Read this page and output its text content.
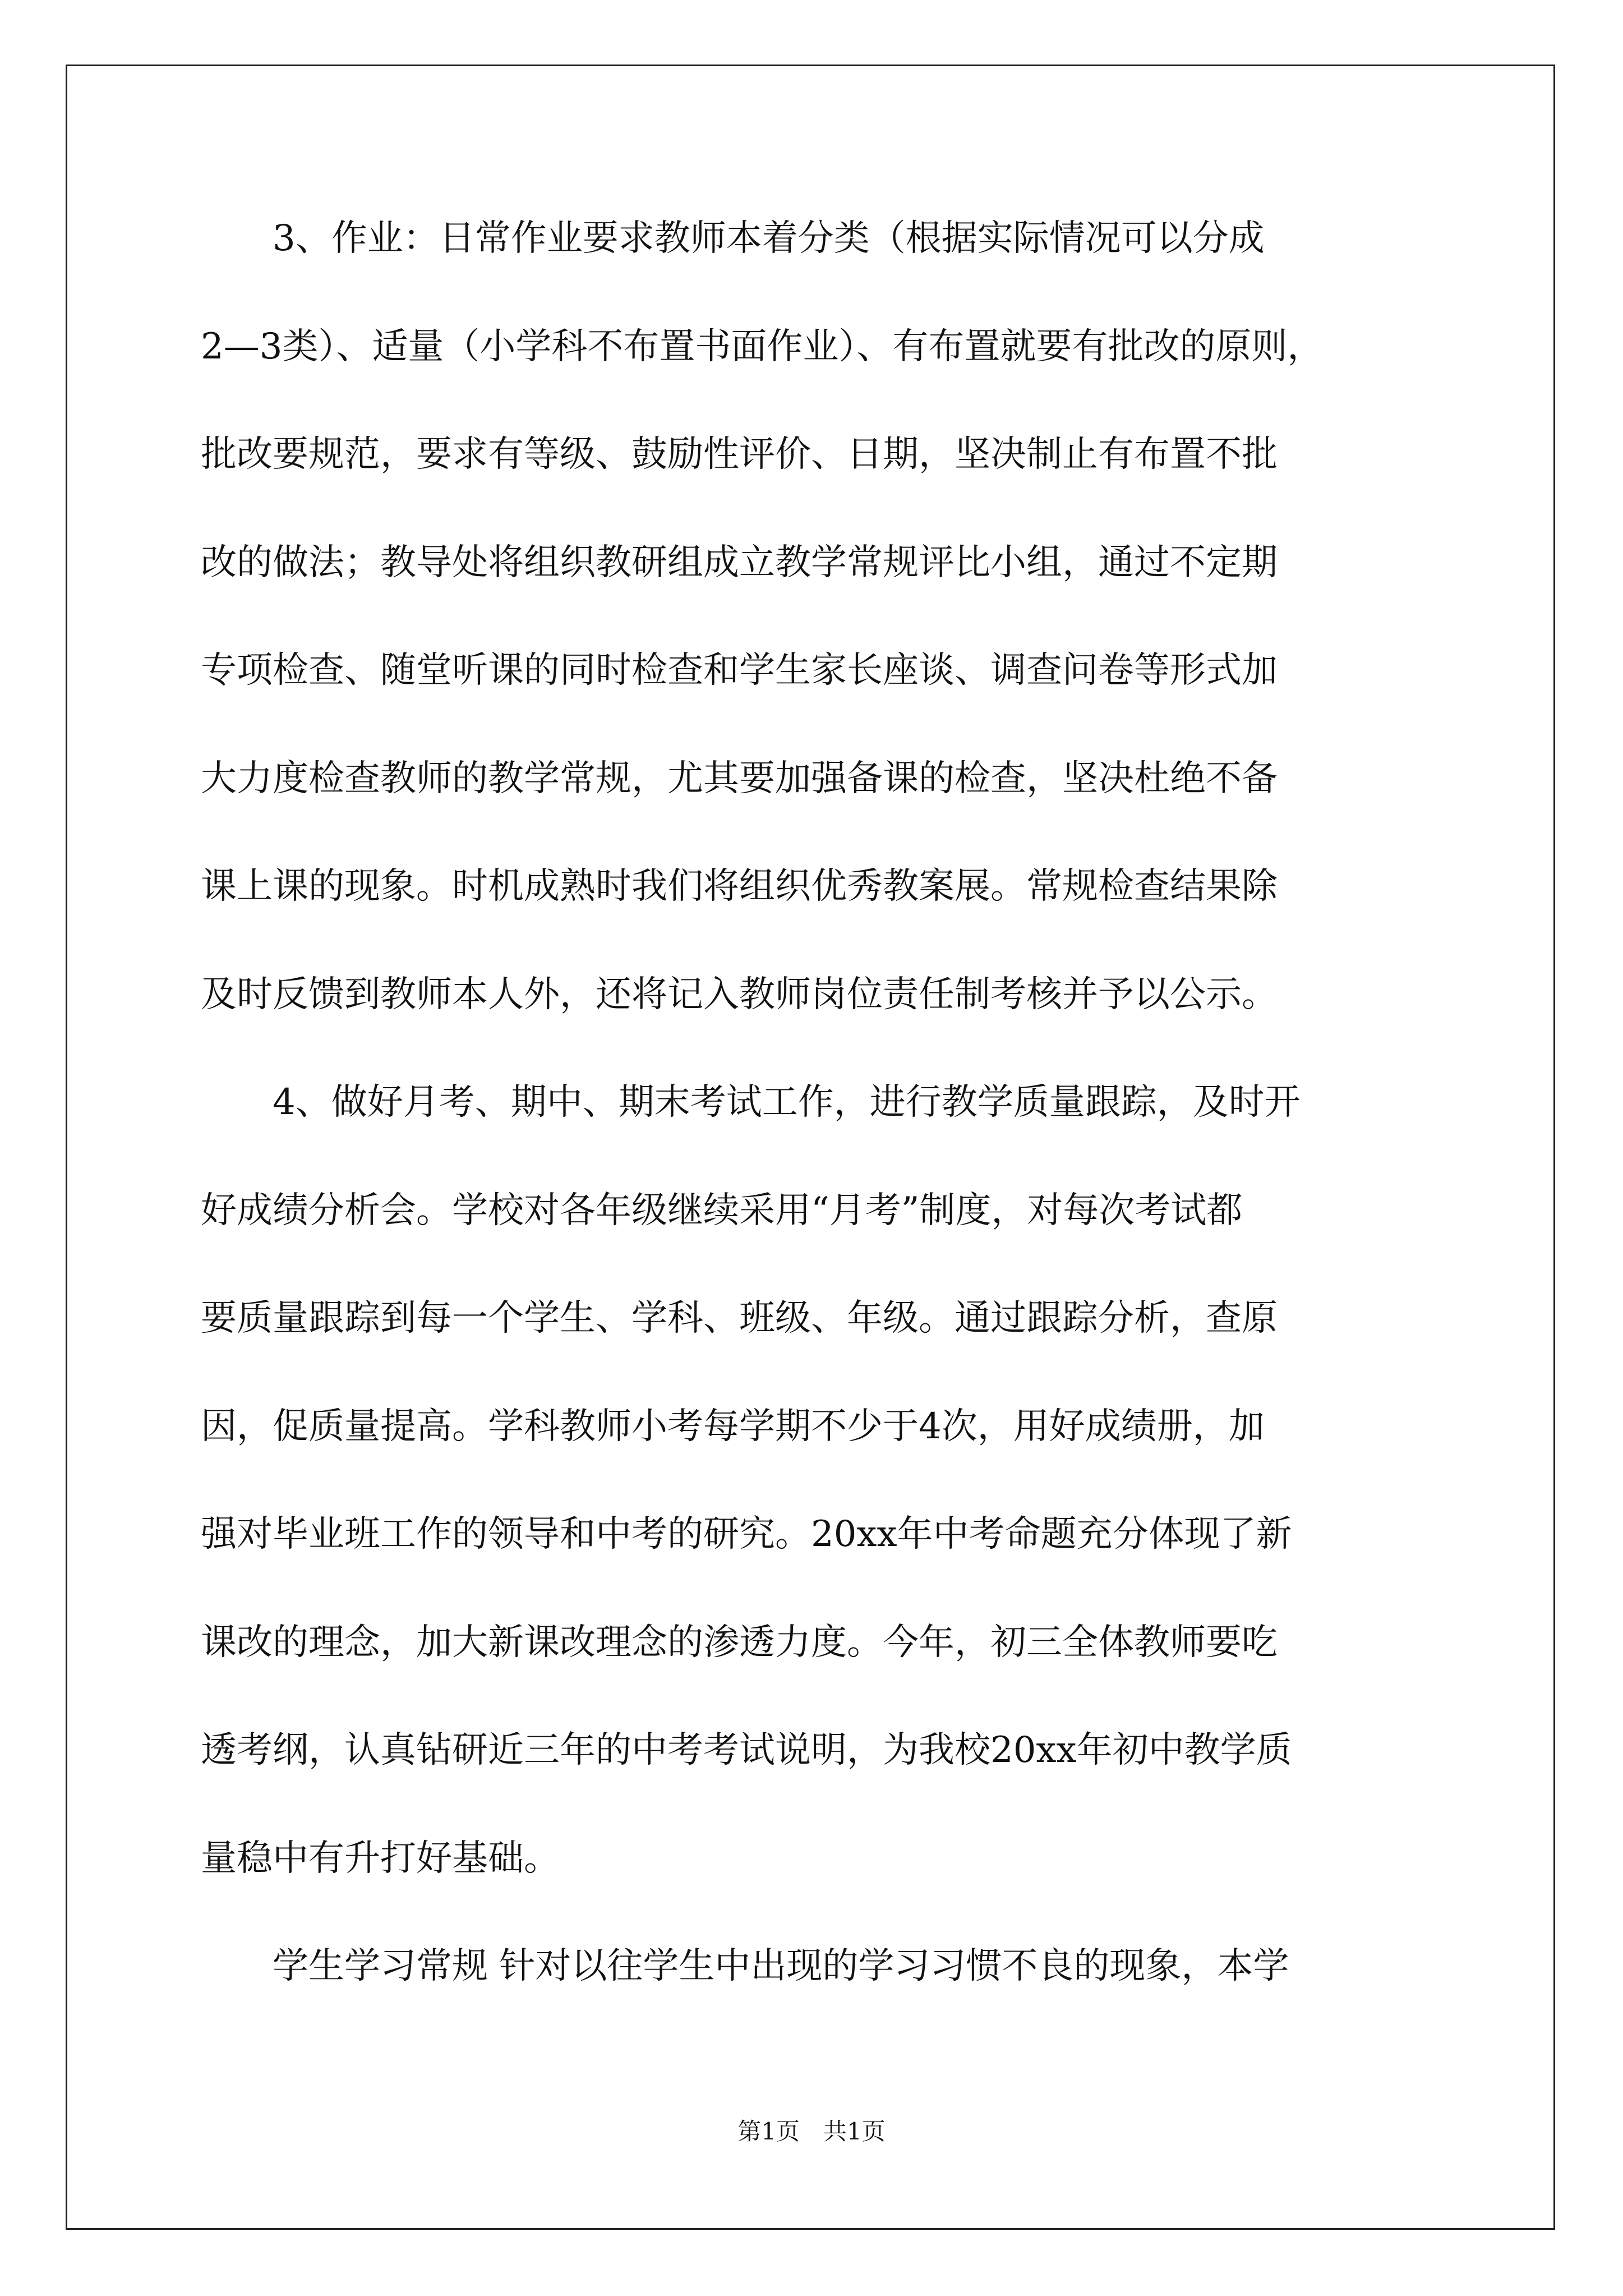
　　3、作业：日常作业要求教师本着分类（根据实际情况可以分成

2—3类）、适量（小学科不布置书面作业）、有布置就要有批改的原则，

批改要规范，要求有等级、鼓励性评价、日期，坚决制止有布置不批

改的做法；教导处将组织教研组成立教学常规评比小组，通过不定期

专项检查、随堂听课的同时检查和学生家长座谈、调查问卷等形式加

大力度检查教师的教学常规，尤其要加强备课的检查，坚决杜绝不备

课上课的现象。时机成熟时我们将组织优秀教案展。常规检查结果除

及时反馈到教师本人外，还将记入教师岗位责任制考核并予以公示。

　　4、做好月考、期中、期末考试工作，进行教学质量跟踪，及时开

好成绩分析会。学校对各年级继续采用“月考”制度，对每次考试都

要质量跟踪到每一个学生、学科、班级、年级。通过跟踪分析，查原

因，促质量提高。学科教师小考每学期不少于4次，用好成绩册，加

强对毕业班工作的领导和中考的研究。20xx年中考命题充分体现了新

课改的理念，加大新课改理念的渗透力度。今年，初三全体教师要吃

透考纲，认真钻研近三年的中考考试说明，为我校20xx年初中教学质

量稳中有升打好基础。

　　学生学习常规 针对以往学生中出现的学习习惯不良的现象，本学

第1页　共1页
